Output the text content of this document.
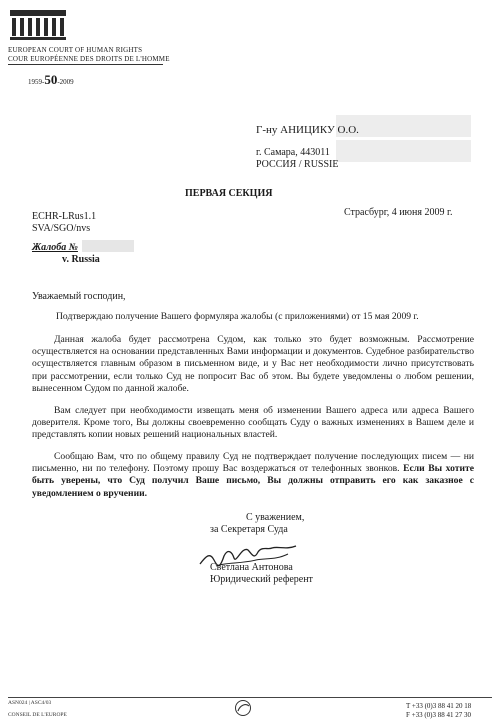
EUROPEAN COURT OF HUMAN RIGHTS
COUR EUROPÉENNE DES DROITS DE L'HOMME
1959-50-2009
Г-ну АНИЦИКУ О.О.
г. Самара, 443011
РОССИЯ / RUSSIE
ПЕРВАЯ СЕКЦИЯ
Страсбург, 4 июня 2009 г.
ECHR-LRus1.1
SVA/SGO/nvs
Жалоба №
v. Russia
Уважаемый господин,
Подтверждаю получение Вашего формуляра жалобы (с приложениями) от 15 мая 2009 г.
Данная жалоба будет рассмотрена Судом, как только это будет возможным. Рассмотрение осуществляется на основании представленных Вами информации и документов. Судебное разбирательство осуществляется главным образом в письменном виде, и у Вас нет необходимости лично присутствовать при рассмотрении, если только Суд не попросит Вас об этом. Вы будете уведомлены о любом решении, вынесенном Судом по данной жалобе.
Вам следует при необходимости извещать меня об изменении Вашего адреса или адреса Вашего доверителя. Кроме того, Вы должны своевременно сообщать Суду о важных изменениях в Вашем деле и представлять копии новых решений национальных властей.
Сообщаю Вам, что по общему правилу Суд не подтверждает получение последующих писем — ни письменно, ни по телефону. Поэтому прошу Вас воздержаться от телефонных звонков. Если Вы хотите быть уверены, что Суд получил Ваше письмо, Вы должны отправить его как заказное с уведомлением о вручении.
С уважением,
за Секретаря Суда
Светлана Антонова
Юридический референт
ASN024 | ASC4/03
CONSEIL DE L'EUROPE
T +33 (0)3 88 41 20 18
F +33 (0)3 88 41 27 30
